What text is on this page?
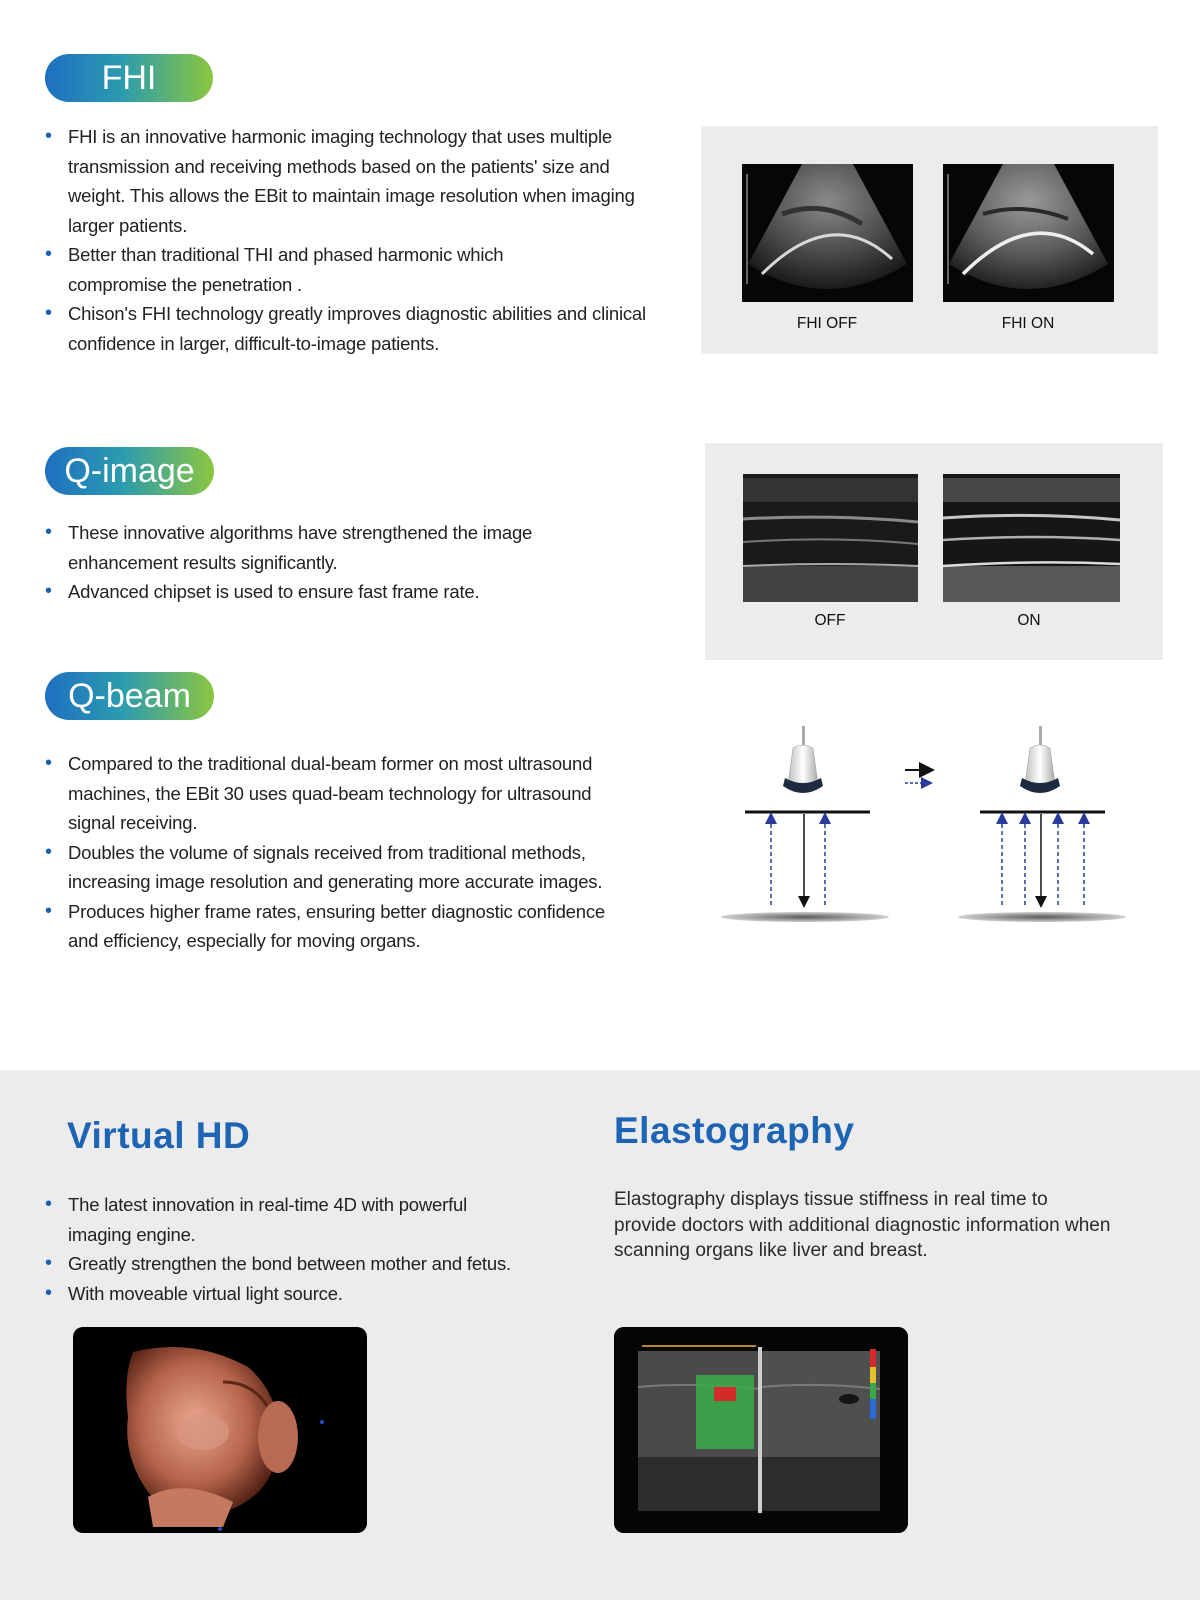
FHI
• FHI is an innovative harmonic imaging technology that uses multiple transmission and receiving methods based on the patients' size and weight. This allows the EBit to maintain image resolution when imaging larger patients.
• Better than traditional THI and phased harmonic which compromise the penetration .
• Chison's FHI technology greatly improves diagnostic abilities and clinical confidence in larger, difficult-to-image patients.
FHI OFF	FHI ON
Q-image
• These innovative algorithms have strengthened the image enhancement results significantly.
• Advanced chipset is used to ensure fast frame rate.
OFF	ON
Q-beam
• Compared to the traditional dual-beam former on most ultrasound machines, the EBit 30 uses quad-beam technology for ultrasound signal receiving.
• Doubles the volume of signals received from traditional methods, increasing image resolution and generating more accurate images.
• Produces higher frame rates, ensuring better diagnostic confidence and efficiency, especially for moving organs.
Virtual HD
• The latest innovation in real-time 4D with powerful imaging engine.
• Greatly strengthen the bond between mother and fetus.
• With moveable virtual light source.
Elastography

Elastography displays tissue stiffness in real time to provide doctors with additional diagnostic information when scanning organs like liver and breast.
